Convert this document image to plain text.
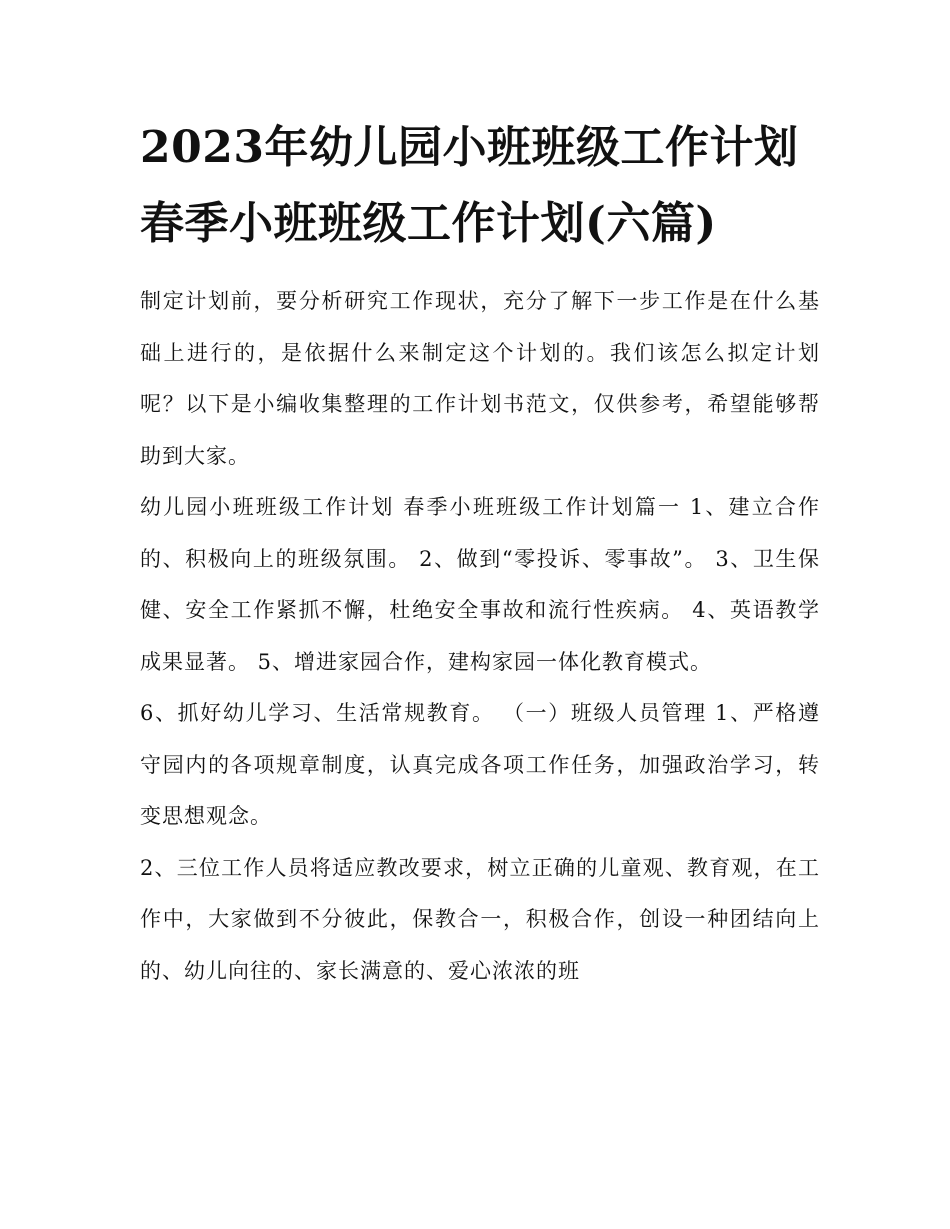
2023年幼儿园小班班级工作计划 春季小班班级工作计划(六篇)

制定计划前，要分析研究工作现状，充分了解下一步工作是在什么基础上进行的，是依据什么来制定这个计划的。我们该怎么拟定计划呢？以下是小编收集整理的工作计划书范文，仅供参考，希望能够帮助到大家。

幼儿园小班班级工作计划 春季小班班级工作计划篇一 1、建立合作的、积极向上的班级氛围。 2、做到“零投诉、零事故”。 3、卫生保健、安全工作紧抓不懈，杜绝安全事故和流行性疾病。 4、英语教学成果显著。 5、增进家园合作，建构家园一体化教育模式。

6、抓好幼儿学习、生活常规教育。 （一）班级人员管理 1、严格遵守园内的各项规章制度，认真完成各项工作任务，加强政治学习，转变思想观念。

2、三位工作人员将适应教改要求，树立正确的儿童观、教育观，在工作中，大家做到不分彼此，保教合一，积极合作，创设一种团结向上的、幼儿向往的、家长满意的、爱心浓浓的班
